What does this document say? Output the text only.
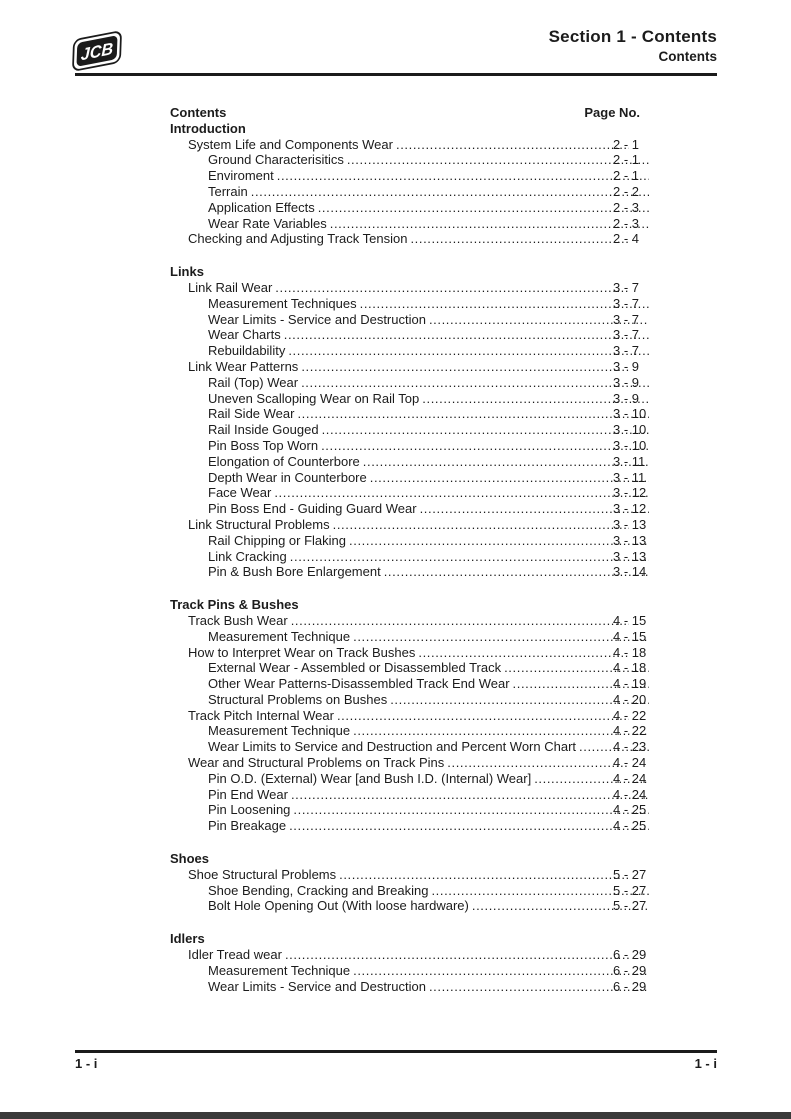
JCB
Section 1 - Contents
Contents
Contents	Page No.
Introduction
System Life and Components Wear .....	2 - 1
Ground Characterisitics .....	2 - 1
Enviroment .....	2 - 1
Terrain .....	2 - 2
Application Effects .....	2 - 3
Wear Rate Variables .....	2 - 3
Checking and Adjusting Track Tension .....	2 - 4
Links
Link Rail Wear .....	3 - 7
Measurement Techniques .....	3 - 7
Wear Limits - Service and Destruction .....	3 - 7
Wear Charts .....	3 - 7
Rebuildability .....	3 - 7
Link Wear Patterns .....	3 - 9
Rail (Top) Wear .....	3 - 9
Uneven Scalloping Wear on Rail Top .....	3 - 9
Rail Side Wear .....	3 - 10
Rail Inside Gouged .....	3 - 10
Pin Boss Top Worn .....	3 - 10
Elongation of Counterbore .....	3 - 11
Depth Wear in Counterbore .....	3 - 11
Face Wear .....	3 - 12
Pin Boss End - Guiding Guard Wear .....	3 - 12
Link Structural Problems .....	3 - 13
Rail Chipping or Flaking .....	3 - 13
Link Cracking .....	3 - 13
Pin & Bush Bore Enlargement .....	3 - 14
Track Pins & Bushes
Track Bush Wear .....	4 - 15
Measurement Technique .....	4 - 15
How to Interpret Wear on Track Bushes .....	4 - 18
External Wear - Assembled or Disassembled Track .....	4 - 18
Other Wear Patterns-Disassembled Track End Wear .....	4 - 19
Structural Problems on Bushes .....	4 - 20
Track Pitch Internal Wear .....	4 - 22
Measurement Technique .....	4 - 22
Wear Limits to Service and Destruction and Percent Worn Chart .....	4 - 23
Wear and Structural Problems on Track Pins .....	4 - 24
Pin O.D. (External) Wear [and Bush I.D. (Internal) Wear] .....	4 - 24
Pin End Wear .....	4 - 24
Pin Loosening .....	4 - 25
Pin Breakage .....	4 - 25
Shoes
Shoe Structural Problems .....	5 - 27
Shoe Bending, Cracking and Breaking .....	5 - 27
Bolt Hole Opening Out (With loose hardware) .....	5 - 27
Idlers
Idler Tread wear .....	6 - 29
Measurement Technique .....	6 - 29
Wear Limits - Service and Destruction .....	6 - 29
1 - i	1 - i
